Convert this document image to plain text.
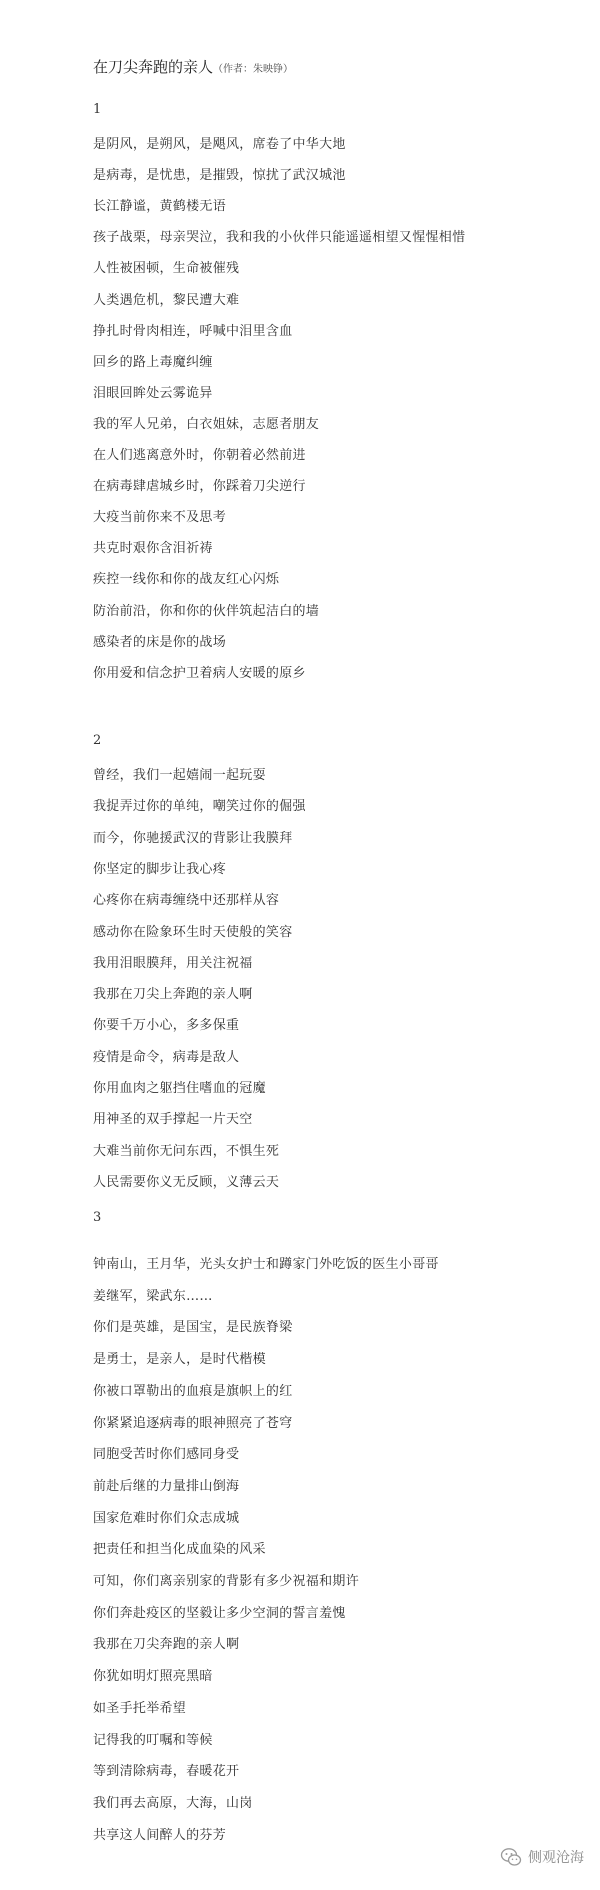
在刀尖奔跑的亲人（作者：朱映铮）
1
是阴风，是朔风，是飓风，席卷了中华大地
是病毒，是忧患，是摧毁，惊扰了武汉城池
长江静谧，黄鹤楼无语
孩子战栗，母亲哭泣，我和我的小伙伴只能遥遥相望又惺惺相惜
人性被困顿，生命被催残
人类遇危机，黎民遭大难
挣扎时骨肉相连，呼喊中泪里含血
回乡的路上毒魔纠缠
泪眼回眸处云雾诡异
我的军人兄弟，白衣姐妹，志愿者朋友
在人们逃离意外时，你朝着必然前进
在病毒肆虐城乡时，你踩着刀尖逆行
大疫当前你来不及思考
共克时艰你含泪祈祷
疾控一线你和你的战友红心闪烁
防治前沿，你和你的伙伴筑起洁白的墙
感染者的床是你的战场
你用爱和信念护卫着病人安暖的原乡
2
曾经，我们一起嬉闹一起玩耍
我捉弄过你的单纯，嘲笑过你的倔强
而今，你驰援武汉的背影让我膜拜
你坚定的脚步让我心疼
心疼你在病毒缠绕中还那样从容
感动你在险象环生时天使般的笑容
我用泪眼膜拜，用关注祝福
我那在刀尖上奔跑的亲人啊
你要千万小心，多多保重
疫情是命令，病毒是敌人
你用血肉之躯挡住嗜血的冠魔
用神圣的双手撑起一片天空
大难当前你无问东西，不惧生死
人民需要你义无反顾，义薄云天
3
钟南山，王月华，光头女护士和蹲家门外吃饭的医生小哥哥
姜继军，梁武东……
你们是英雄，是国宝，是民族脊梁
是勇士，是亲人，是时代楷模
你被口罩勒出的血痕是旗帜上的红
你紧紧追逐病毒的眼神照亮了苍穹
同胞受苦时你们感同身受
前赴后继的力量排山倒海
国家危难时你们众志成城
把责任和担当化成血染的风采
可知，你们离亲别家的背影有多少祝福和期许
你们奔赴疫区的坚毅让多少空洞的誓言羞愧
我那在刀尖奔跑的亲人啊
你犹如明灯照亮黑暗
如圣手托举希望
记得我的叮嘱和等候
等到清除病毒，春暖花开
我们再去高原，大海，山岗
共享这人间醉人的芬芳
侧观沧海
